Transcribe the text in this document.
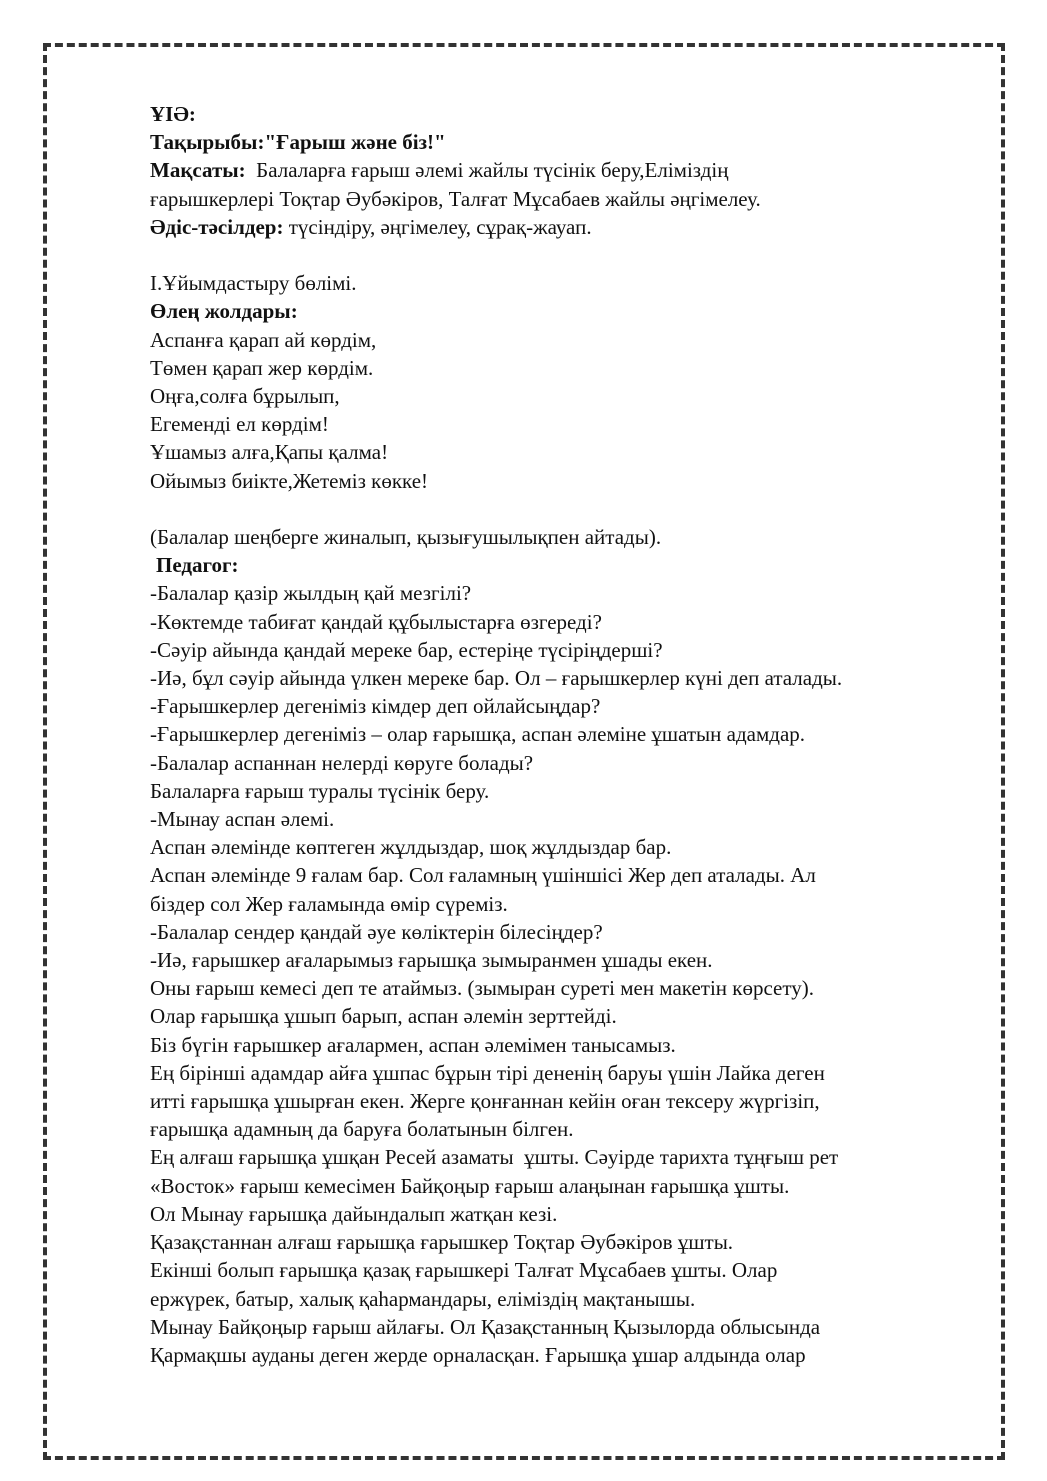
ҰІӘ:
Тақырыбы:"Ғарыш және біз!"
Мақсаты:  Балаларға ғарыш әлемі жайлы түсінік беру,Еліміздің
ғарышкерлері Тоқтар Әубәкіров, Талғат Мұсабаев жайлы әңгімелеу.
Әдіс-тәсілдер: түсіндіру, әңгімелеу, сұрақ-жауап.
І.Ұйымдастыру бөлімі.
Өлең жолдары:
Аспанға қарап ай көрдім,
Төмен қарап жер көрдім.
Оңға,солға бұрылып,
Егеменді ел көрдім!
Ұшамыз алға,Қапы қалма!
Ойымыз биікте,Жетеміз көкке!
(Балалар шеңберге жиналып, қызығушылықпен айтады).
Педагог:
-Балалар қазір жылдың қай мезгілі?
-Көктемде табиғат қандай құбылыстарға өзгереді?
-Сәуір айында қандай мереке бар, естеріңе түсіріңдерші?
-Иә, бұл сәуір айында үлкен мереке бар. Ол – ғарышкерлер күні деп аталады.
-Ғарышкерлер дегеніміз кімдер деп ойлайсыңдар?
-Ғарышкерлер дегеніміз – олар ғарышқа, аспан әлеміне ұшатын адамдар.
-Балалар аспаннан нелерді көруге болады?
Балаларға ғарыш туралы түсінік беру.
-Мынау аспан әлемі.
Аспан әлемінде көптеген жұлдыздар, шоқ жұлдыздар бар.
Аспан әлемінде 9 ғалам бар. Сол ғаламның үшіншісі Жер деп аталады. Ал
біздер сол Жер ғаламында өмір сүреміз.
-Балалар сендер қандай әуе көліктерін білесіңдер?
-Иә, ғарышкер ағаларымыз ғарышқа зымыранмен ұшады екен.
Оны ғарыш кемесі деп те атаймыз. (зымыран суреті мен макетін көрсету).
Олар ғарышқа ұшып барып, аспан әлемін зерттейді.
Біз бүгін ғарышкер ағалармен, аспан әлемімен танысамыз.
Ең бірінші адамдар айға ұшпас бұрын тірі дененің баруы үшін Лайка деген
итті ғарышқа ұшырған екен. Жерге қонғаннан кейін оған тексеру жүргізіп,
ғарышқа адамның да баруға болатынын білген.
Ең алғаш ғарышқа ұшқан Ресей азаматы  ұшты. Сәуірде тарихта тұңғыш рет
«Восток» ғарыш кемесімен Байқоңыр ғарыш алаңынан ғарышқа ұшты.
Ол Мынау ғарышқа дайындалып жатқан кезі.
Қазақстаннан алғаш ғарышқа ғарышкер Тоқтар Әубәкіров ұшты.
Екінші болып ғарышқа қазақ ғарышкері Талғат Мұсабаев ұшты. Олар
ержүрек, батыр, халық қаһармандары, еліміздің мақтанышы.
Мынау Байқоңыр ғарыш айлағы. Ол Қазақстанның Қызылорда облысында
Қармақшы ауданы деген жерде орналасқан. Ғарышқа ұшар алдында олар
